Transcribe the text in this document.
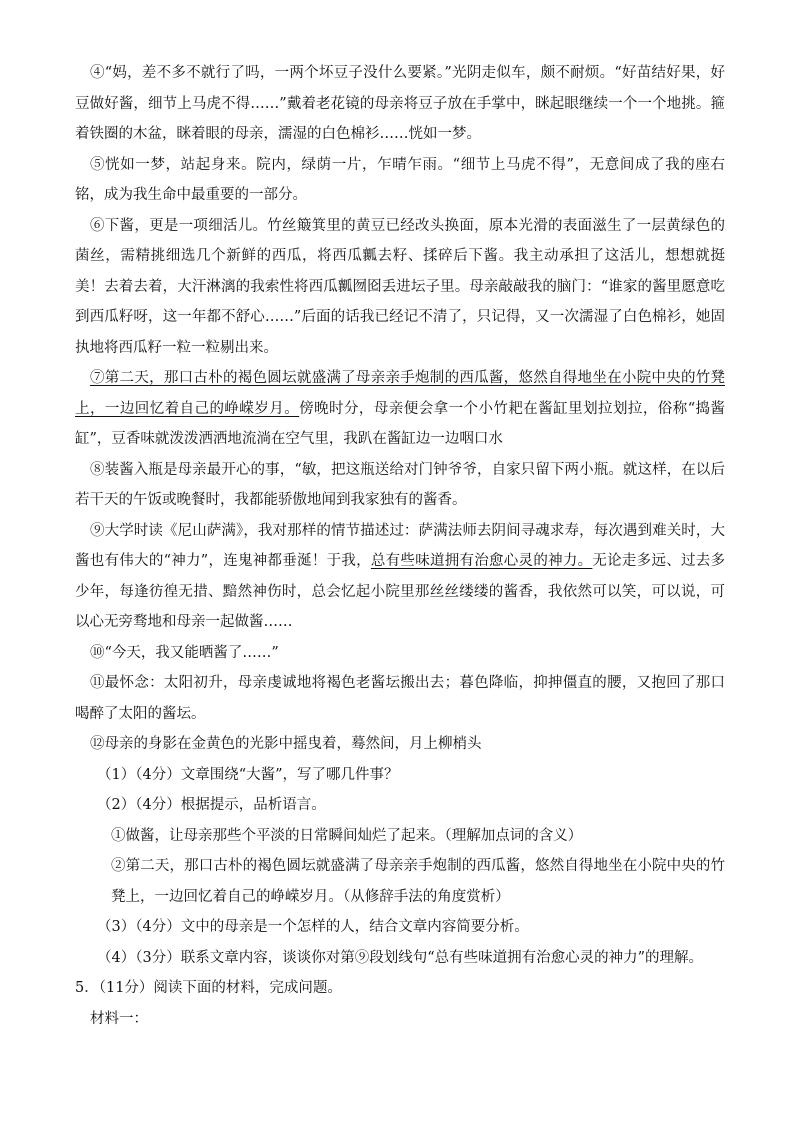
④“妈，差不多不就行了吗，一两个坏豆子没什么要紧。”光阴走似车，颇不耐烦。“好苗结好果，好豆做好酱，细节上马虎不得……”戴着老花镜的母亲将豆子放在手掌中，眯起眼继续一个一个地挑。箍着铁圈的木盆，眯着眼的母亲，濡湿的白色棉衫……恍如一梦。

⑤恍如一梦，站起身来。院内，绿荫一片，乍晴乍雨。“细节上马虎不得”，无意间成了我的座右铭，成为我生命中最重要的一部分。

⑥下酱，更是一项细活儿。竹丝簸箕里的黄豆已经改头换面，原本光滑的表面滋生了一层黄绿色的菌丝，需精挑细选几个新鲜的西瓜，将西瓜瓤去籽、揉碎后下酱。我主动承担了这活儿，想想就挺美！去着去着，大汗淋漓的我索性将西瓜瓤囫囵丢进坛子里。母亲敲敲我的脑门：“谁家的酱里愿意吃到西瓜籽呀，这一年都不舒心……”后面的话我已经记不清了，只记得，又一次濡湿了白色棉衫，她固执地将西瓜籽一粒一粒剔出来。

⑦第二天，那口古朴的褐色圆坛就盛满了母亲亲手炮制的西瓜酱，悠然自得地坐在小院中央的竹凳上，一边回忆着自己的峥嵘岁月。傍晚时分，母亲便会拿一个小竹耙在酱缸里划拉划拉，俗称“捣酱缸”，豆香味就泼泼洒洒地流淌在空气里，我趴在酱缸边一边咽口水

⑧装酱入瓶是母亲最开心的事，“敏，把这瓶送给对门钟爷爷，自家只留下两小瓶。就这样，在以后若干天的午饭或晚餐时，我都能骄傲地闻到我家独有的酱香。

⑨大学时读《尼山萨满》，我对那样的情节描述过：萨满法师去阴间寻魂求寿，每次遇到难关时，大酱也有伟大的“神力”，连鬼神都垂涎！于我，总有些味道拥有治愈心灵的神力。无论走多远、过去多少年，每逢彷徨无措、黯然神伤时，总会忆起小院里那丝丝缕缕的酱香，我依然可以笑，可以说，可以心无旁骛地和母亲一起做酱……

⑩“今天，我又能晒酱了……”

⑪最怀念：太阳初升，母亲虔诚地将褐色老酱坛搬出去；暮色降临，抑抻僵直的腰，又抱回了那口喝醉了太阳的酱坛。

⑫母亲的身影在金黄色的光影中摇曳着，蓦然间，月上柳梢头

（1）（4分）文章围绕“大酱”，写了哪几件事？

（2）（4分）根据提示，品析语言。

①做酱，让母亲那些个平淡的日常瞬间灿烂了起来。（理解加点词的含义）

②第二天，那口古朴的褐色圆坛就盛满了母亲亲手炮制的西瓜酱，悠然自得地坐在小院中央的竹凳上，一边回忆着自己的峥嵘岁月。（从修辞手法的角度赏析）

（3）（4分）文中的母亲是一个怎样的人，结合文章内容简要分析。

（4）（3分）联系文章内容，谈谈你对第⑨段划线句“总有些味道拥有治愈心灵的神力”的理解。

5．（11分）阅读下面的材料，完成问题。

材料一：
